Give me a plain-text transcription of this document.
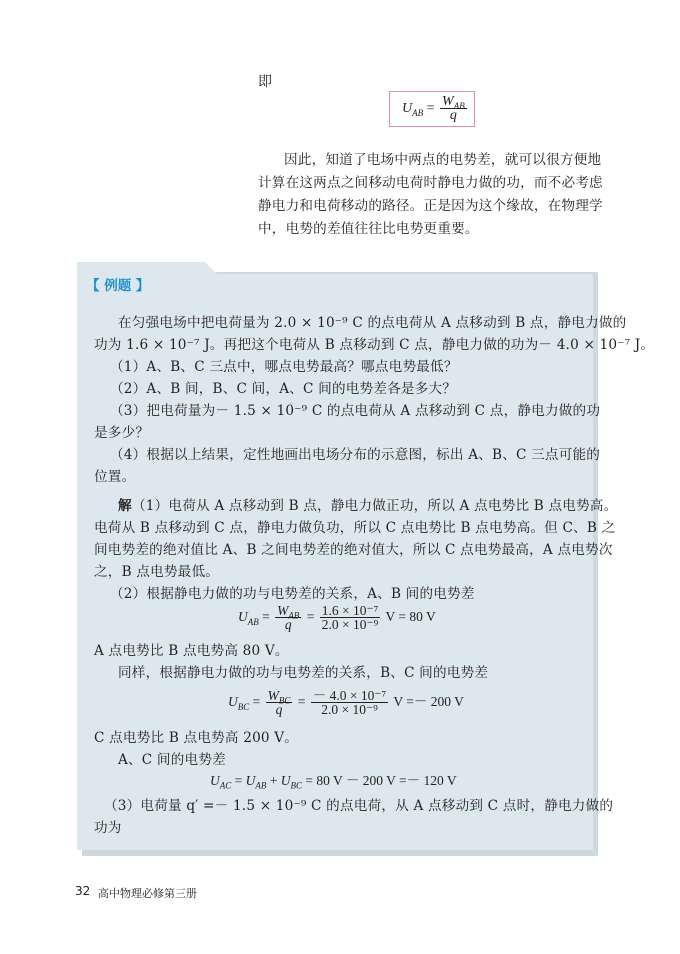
即
$U_{AB} = \frac{W_{AB}}{q}$
因此，知道了电场中两点的电势差，就可以很方便地
计算在这两点之间移动电荷时静电力做的功，而不必考虑
静电力和电荷移动的路径。正是因为这个缘故，在物理学
中，电势的差值往往比电势更重要。
【 例题 】
在匀强电场中把电荷量为 2.0 × 10⁻⁹ C 的点电荷从 A 点移动到 B 点，静电力做的
功为 1.6 × 10⁻⁷ J。再把这个电荷从 B 点移动到 C 点，静电力做的功为－ 4.0 × 10⁻⁷ J。
（1）A、B、C 三点中，哪点电势最高？哪点电势最低？
（2）A、B 间，B、C 间，A、C 间的电势差各是多大？
（3）把电荷量为－ 1.5 × 10⁻⁹ C 的点电荷从 A 点移动到 C 点，静电力做的功
是多少？
（4）根据以上结果，定性地画出电场分布的示意图，标出 A、B、C 三点可能的
位置。
解 （1）电荷从 A 点移动到 B 点，静电力做正功，所以 A 点电势比 B 点电势高。
电荷从 B 点移动到 C 点，静电力做负功，所以 C 点电势比 B 点电势高。但 C、B 之
间电势差的绝对值比 A、B 之间电势差的绝对值大，所以 C 点电势最高，A 点电势次
之，B 点电势最低。
（2）根据静电力做的功与电势差的关系，A、B 间的电势差
$U_{AB} = \frac{W_{AB}}{q} = \frac{\text{1.6 × 10⁻⁷}}{\text{2.0 × 10⁻⁹}}$ V = 80 V
A 点电势比 B 点电势高 80 V。
同样，根据静电力做的功与电势差的关系，B、C 间的电势差
$U_{BC} = \frac{W_{BC}}{q} = \frac{\text{－ 4.0 × 10⁻⁷}}{\text{2.0 × 10⁻⁹}}$ V =－ 200 V
C 点电势比 B 点电势高 200 V。
A、C 间的电势差
$U_{AC} = U_{AB} + U_{BC} = 80$ V － 200 V =－ 120 V
（3）电荷量 q′ =－ 1.5 × 10⁻⁹ C 的点电荷，从 A 点移动到 C 点时，静电力做的
功为
32 高中物理必修第三册
